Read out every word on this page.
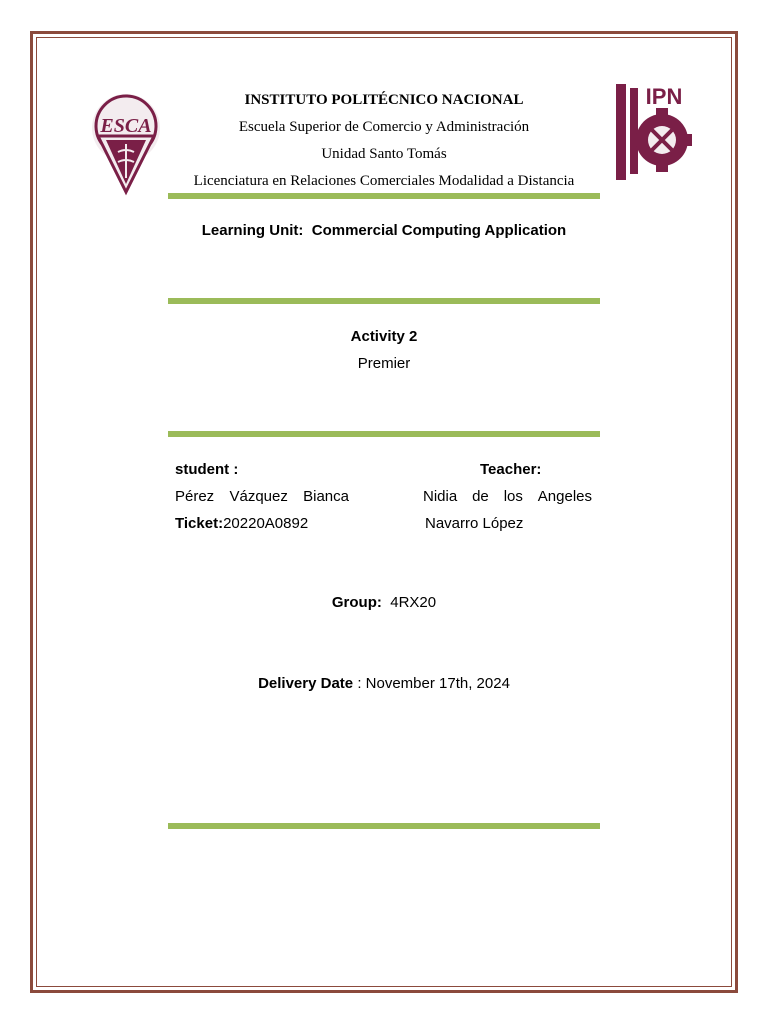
ESCA
IPN
INSTITUTO POLITÉCNICO NACIONAL
Escuela Superior de Comercio y Administración
Unidad Santo Tomás
Licenciatura en Relaciones Comerciales Modalidad a Distancia
Learning Unit: Commercial Computing Application
Activity 2
Premier
student :
Pérez Vázquez Bianca
Ticket:20220A0892
Teacher:
Nidia de los Angeles
Navarro López
Group: 4RX20
Delivery Date : November 17th, 2024
